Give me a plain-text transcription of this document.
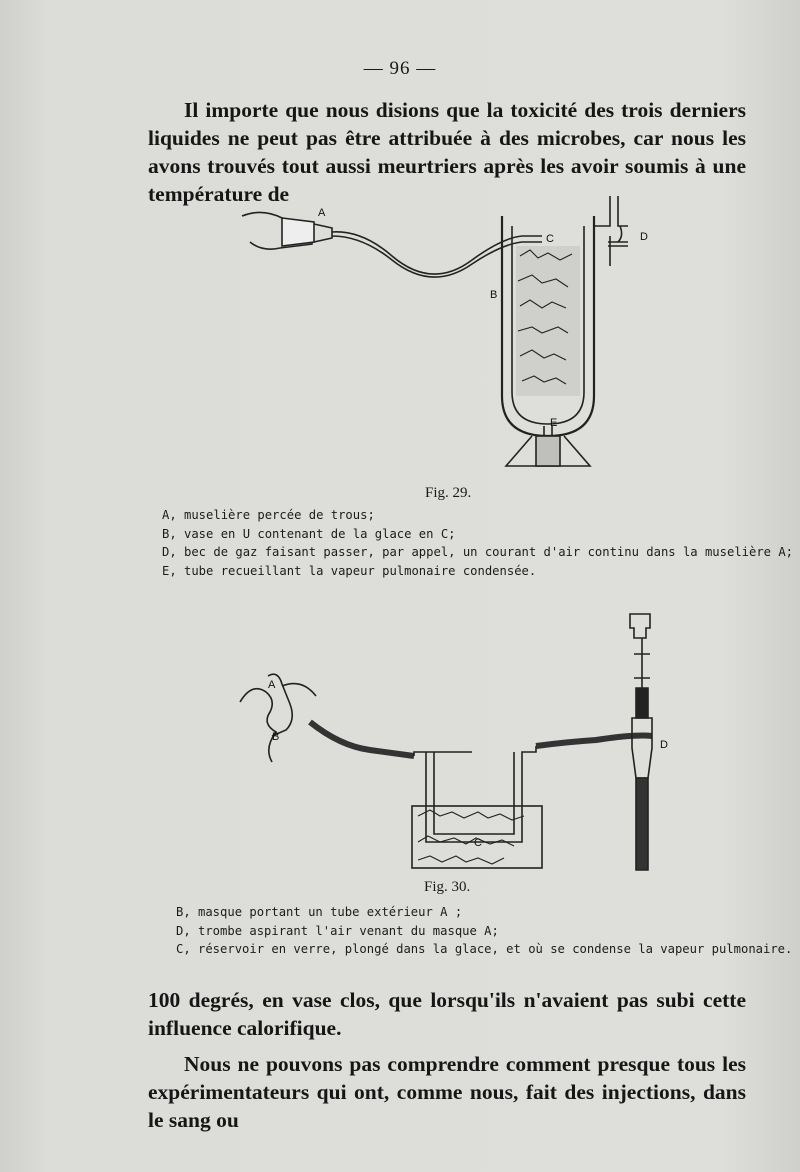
— 96 —

Il importe que nous disions que la toxicité des trois derniers liquides ne peut pas être attribuée à des microbes, car nous les avons trouvés tout aussi meurtriers après les avoir soumis à une température de

A
B
C	D
E
Fig. 29.
A, muselière percée de trous;
B, vase en U contenant de la glace en C;
D, bec de gaz faisant passer, par appel, un courant d'air continu dans la muselière A;
E, tube recueillant la vapeur pulmonaire condensée.
A
B
C
D
Fig. 30.
B, masque portant un tube extérieur A ;
D, trombe aspirant l'air venant du masque A;
C, réservoir en verre, plongé dans la glace, et où se condense la vapeur pulmonaire.

100 degrés, en vase clos, que lorsqu'ils n'avaient pas subi cette influence calorifique.

Nous ne pouvons pas comprendre comment presque tous les expérimentateurs qui ont, comme nous, fait des injections, dans le sang ou
